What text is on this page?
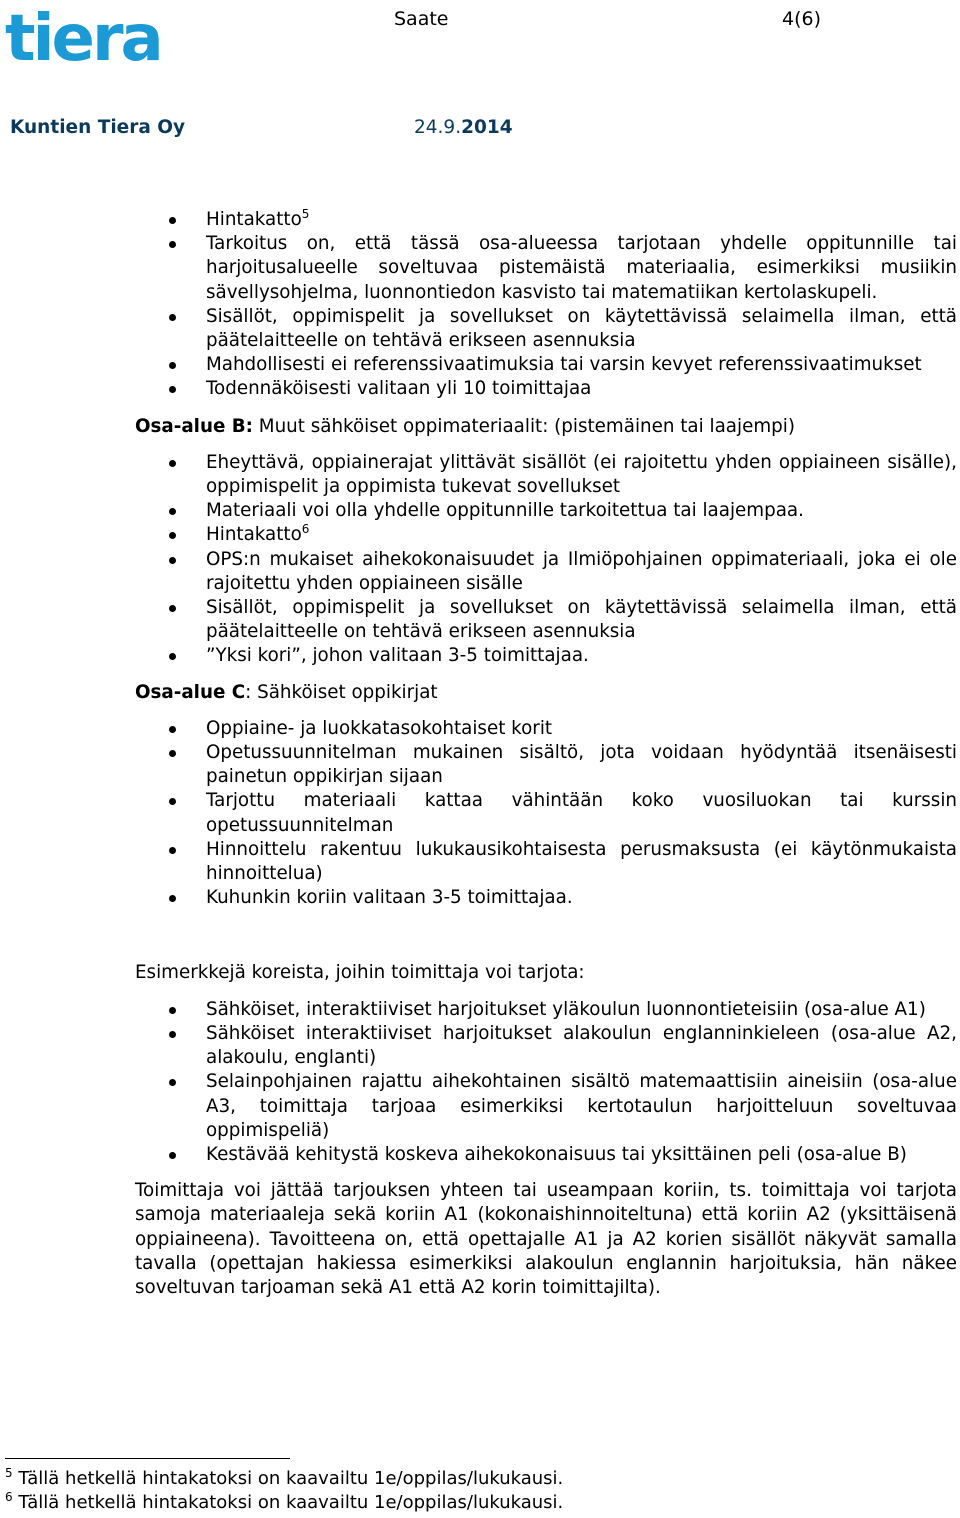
tiera	Saate	4(6)
Kuntien Tiera Oy	24.9.2014
Hintakatto$^5$
Tarkoitus on, että tässä osa-alueessa tarjotaan yhdelle oppitunnille tai harjoitusalueelle soveltuvaa pistemäistä materiaalia, esimerkiksi musiikin sävellysohjelma, luonnontiedon kasvisto tai matematiikan kertolaskupeli.
Sisällöt, oppimispelit ja sovellukset on käytettävissä selaimella ilman, että päätelaitteelle on tehtävä erikseen asennuksia
Mahdollisesti ei referenssivaatimuksia tai varsin kevyet referenssivaatimukset
Todennäköisesti valitaan yli 10 toimittajaa

Osa-alue B: Muut sähköiset oppimateriaalit: (pistemäinen tai laajempi)

Eheyttävä, oppiainerajat ylittävät sisällöt (ei rajoitettu yhden oppiaineen sisälle), oppimispelit ja oppimista tukevat sovellukset
Materiaali voi olla yhdelle oppitunnille tarkoitettua tai laajempaa.
Hintakatto$^6$
OPS:n mukaiset aihekokonaisuudet ja Ilmiöpohjainen oppimateriaali, joka ei ole rajoitettu yhden oppiaineen sisälle
Sisällöt, oppimispelit ja sovellukset on käytettävissä selaimella ilman, että päätelaitteelle on tehtävä erikseen asennuksia
”Yksi kori”, johon valitaan 3-5 toimittajaa.

Osa-alue C: Sähköiset oppikirjat

Oppiaine- ja luokkatasokohtaiset korit
Opetussuunnitelman mukainen sisältö, jota voidaan hyödyntää itsenäisesti painetun oppikirjan sijaan
Tarjottu materiaali kattaa vähintään koko vuosiluokan tai kurssin opetussuunnitelman
Hinnoittelu rakentuu lukukausikohtaisesta perusmaksusta (ei käytönmukaista hinnoittelua)
Kuhunkin koriin valitaan 3-5 toimittajaa.

Esimerkkejä koreista, joihin toimittaja voi tarjota:

Sähköiset, interaktiiviset harjoitukset yläkoulun luonnontieteisiin (osa-alue A1)
Sähköiset interaktiiviset harjoitukset alakoulun englanninkieleen (osa-alue A2, alakoulu, englanti)
Selainpohjainen rajattu aihekohtainen sisältö matemaattisiin aineisiin (osa-alue A3, toimittaja tarjoaa esimerkiksi kertotaulun harjoitteluun soveltuvaa oppimispeliä)
Kestävää kehitystä koskeva aihekokonaisuus tai yksittäinen peli (osa-alue B)

Toimittaja voi jättää tarjouksen yhteen tai useampaan koriin, ts. toimittaja voi tarjota samoja materiaaleja sekä koriin A1 (kokonaishinnoiteltuna) että koriin A2 (yksittäisenä oppiaineena). Tavoitteena on, että opettajalle A1 ja A2 korien sisällöt näkyvät samalla tavalla (opettajan hakiessa esimerkiksi alakoulun englannin harjoituksia, hän näkee soveltuvan tarjoaman sekä A1 että A2 korin toimittajilta).

$^5$ Tällä hetkellä hintakatoksi on kaavailtu 1e/oppilas/lukukausi.
$^6$ Tällä hetkellä hintakatoksi on kaavailtu 1e/oppilas/lukukausi.
